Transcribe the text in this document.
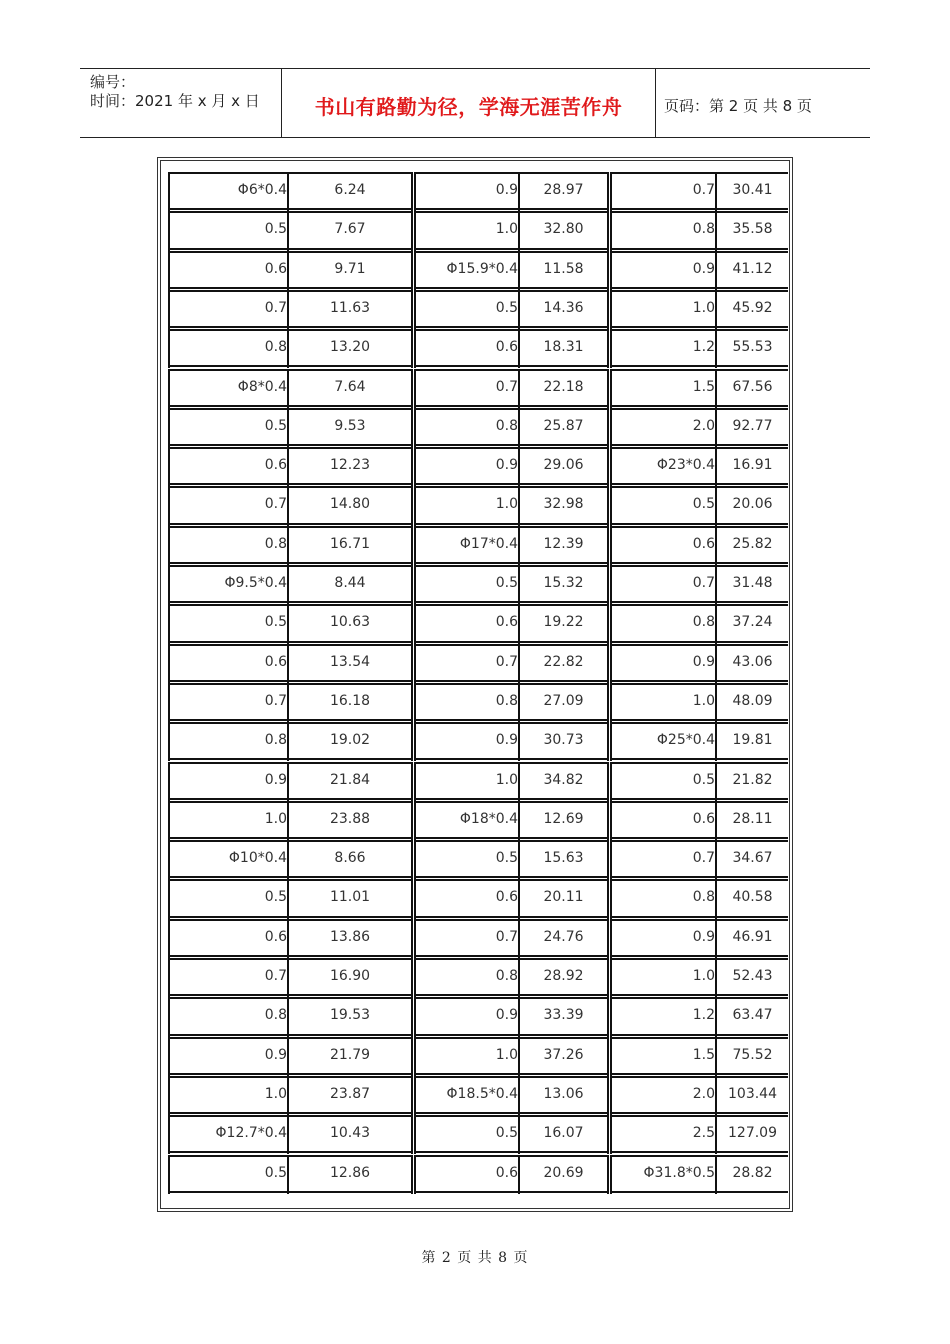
编号：
时间：2021 年 x 月 x 日	书山有路勤为径，学海无涯苦作舟	页码：第 2 页 共 8 页
Φ6*0.4	6.24	0.9	28.97	0.7	30.41
0.5	7.67	1.0	32.80	0.8	35.58
0.6	9.71	Φ15.9*0.4	11.58	0.9	41.12
0.7	11.63	0.5	14.36	1.0	45.92
0.8	13.20	0.6	18.31	1.2	55.53
Φ8*0.4	7.64	0.7	22.18	1.5	67.56
0.5	9.53	0.8	25.87	2.0	92.77
0.6	12.23	0.9	29.06	Φ23*0.4	16.91
0.7	14.80	1.0	32.98	0.5	20.06
0.8	16.71	Φ17*0.4	12.39	0.6	25.82
Φ9.5*0.4	8.44	0.5	15.32	0.7	31.48
0.5	10.63	0.6	19.22	0.8	37.24
0.6	13.54	0.7	22.82	0.9	43.06
0.7	16.18	0.8	27.09	1.0	48.09
0.8	19.02	0.9	30.73	Φ25*0.4	19.81
0.9	21.84	1.0	34.82	0.5	21.82
1.0	23.88	Φ18*0.4	12.69	0.6	28.11
Φ10*0.4	8.66	0.5	15.63	0.7	34.67
0.5	11.01	0.6	20.11	0.8	40.58
0.6	13.86	0.7	24.76	0.9	46.91
0.7	16.90	0.8	28.92	1.0	52.43
0.8	19.53	0.9	33.39	1.2	63.47
0.9	21.79	1.0	37.26	1.5	75.52
1.0	23.87	Φ18.5*0.4	13.06	2.0 103.44
Φ12.7*0.4	10.43	0.5	16.07	2.5 127.09
0.5	12.86	0.6	20.69	Φ31.8*0.5	28.82
第 2 页 共 8 页
